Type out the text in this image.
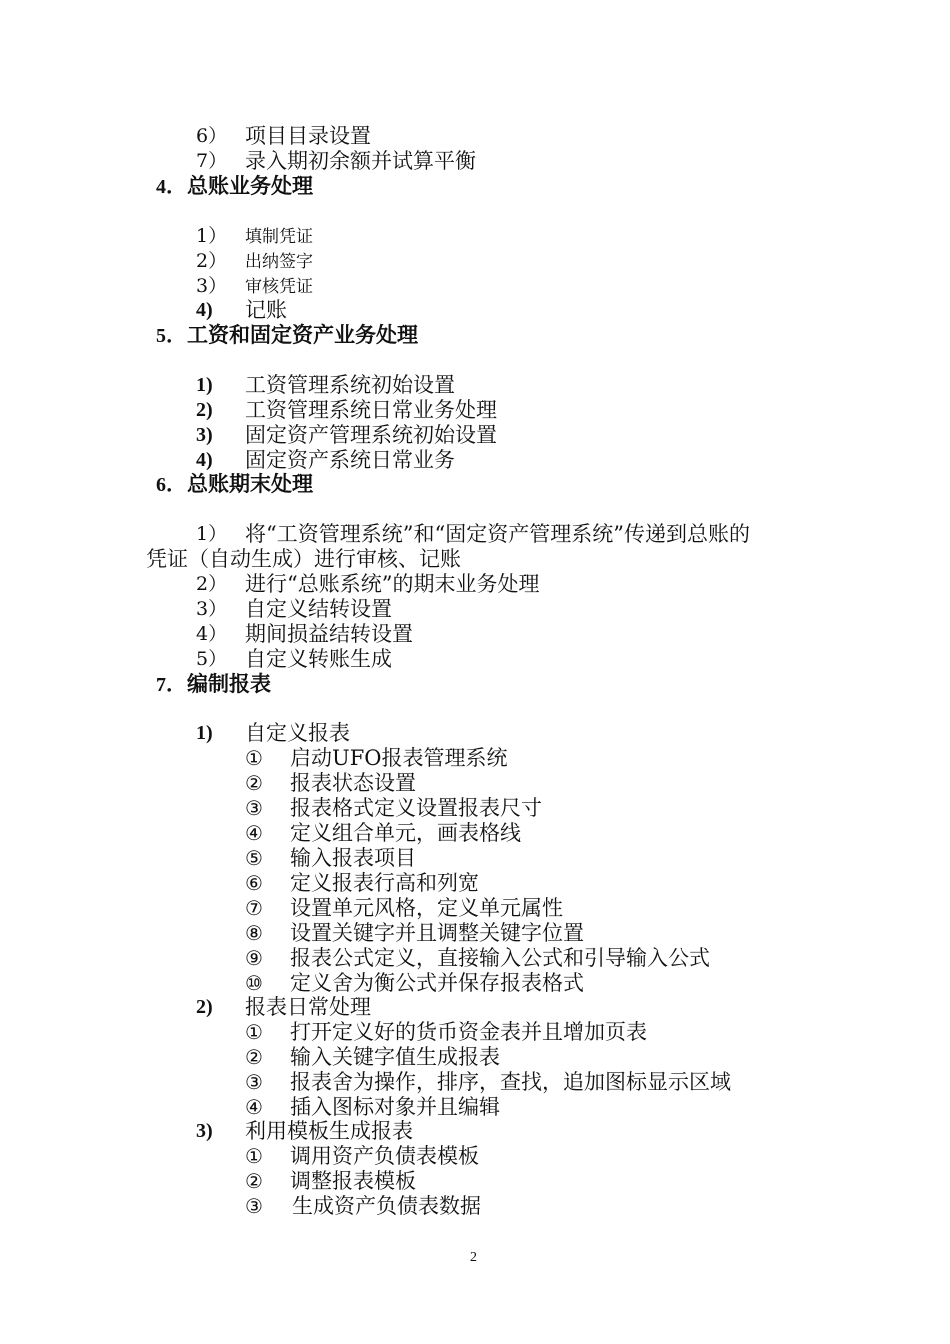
6） 项目目录设置
7） 录入期初余额并试算平衡
4．总账业务处理
1） 填制凭证
2） 出纳签字
3） 审核凭证
4) 记账
5．工资和固定资产业务处理
1) 工资管理系统初始设置
2) 工资管理系统日常业务处理
3) 固定资产管理系统初始设置
4) 固定资产系统日常业务
6．总账期末处理
1） 将“工资管理系统”和“固定资产管理系统”传递到总账的
凭证（自动生成）进行审核、记账
2） 进行“总账系统”的期末业务处理
3） 自定义结转设置
4） 期间损益结转设置
5） 自定义转账生成
7．编制报表
1) 自定义报表
① 启动UFO报表管理系统
② 报表状态设置
③ 报表格式定义设置报表尺寸
④ 定义组合单元，画表格线
⑤ 输入报表项目
⑥ 定义报表行高和列宽
⑦ 设置单元风格，定义单元属性
⑧ 设置关键字并且调整关键字位置
⑨ 报表公式定义，直接输入公式和引导输入公式
⑩ 定义舍为衡公式并保存报表格式
2) 报表日常处理
① 打开定义好的货币资金表并且增加页表
② 输入关键字值生成报表
③ 报表舍为操作，排序，查找，追加图标显示区域
④ 插入图标对象并且编辑
3) 利用模板生成报表
① 调用资产负债表模板
② 调整报表模板
③ 生成资产负债表数据
2
